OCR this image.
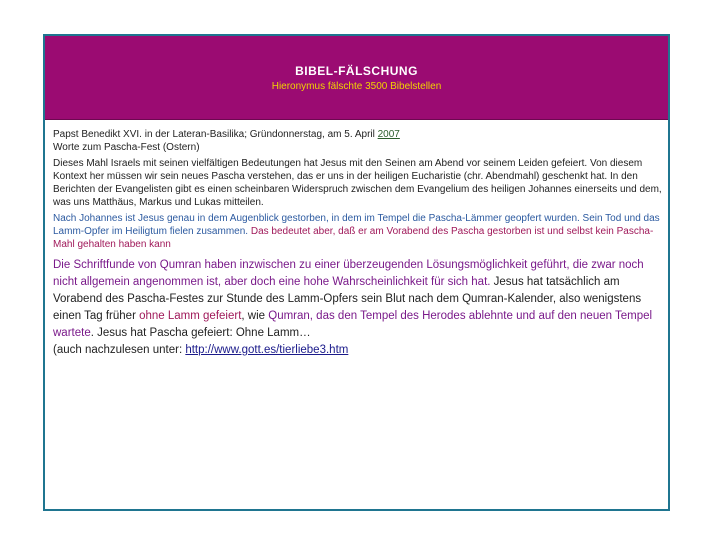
BIBEL-FÄLSCHUNG
Hieronymus fälschte 3500 Bibelstellen

Papst Benedikt XVI. in der Lateran-Basilika; Gründonnerstag, am 5. April 2007
Worte zum Pascha-Fest (Ostern)

Dieses Mahl Israels mit seinen vielfältigen Bedeutungen hat Jesus mit den Seinen am Abend vor seinem Leiden gefeiert. Von diesem Kontext her müssen wir sein neues Pascha verstehen, das er uns in der heiligen Eucharistie (chr. Abendmahl) geschenkt hat. In den Berichten der Evangelisten gibt es einen scheinbaren Widerspruch zwischen dem Evangelium des heiligen Johannes einerseits und dem, was uns Matthäus, Markus und Lukas mitteilen.

Nach Johannes ist Jesus genau in dem Augenblick gestorben, in dem im Tempel die Pascha-Lämmer geopfert wurden. Sein Tod und das Lamm-Opfer im Heiligtum fielen zusammen. Das bedeutet aber, daß er am Vorabend des Pascha gestorben ist und selbst kein Pascha-Mahl gehalten haben kann

Die Schriftfunde von Qumran haben inzwischen zu einer überzeugenden Lösungsmöglichkeit geführt, die zwar noch nicht allgemein angenommen ist, aber doch eine hohe Wahrscheinlichkeit für sich hat. Jesus hat tatsächlich am Vorabend des Pascha-Festes zur Stunde des Lamm-Opfers sein Blut nach dem Qumran-Kalender, also wenigstens einen Tag früher ohne Lamm gefeiert, wie Qumran, das den Tempel des Herodes ablehnte und auf den neuen Tempel wartete. Jesus hat Pascha gefeiert: Ohne Lamm…
(auch nachzulesen unter: http://www.gott.es/tierliebe3.htm
